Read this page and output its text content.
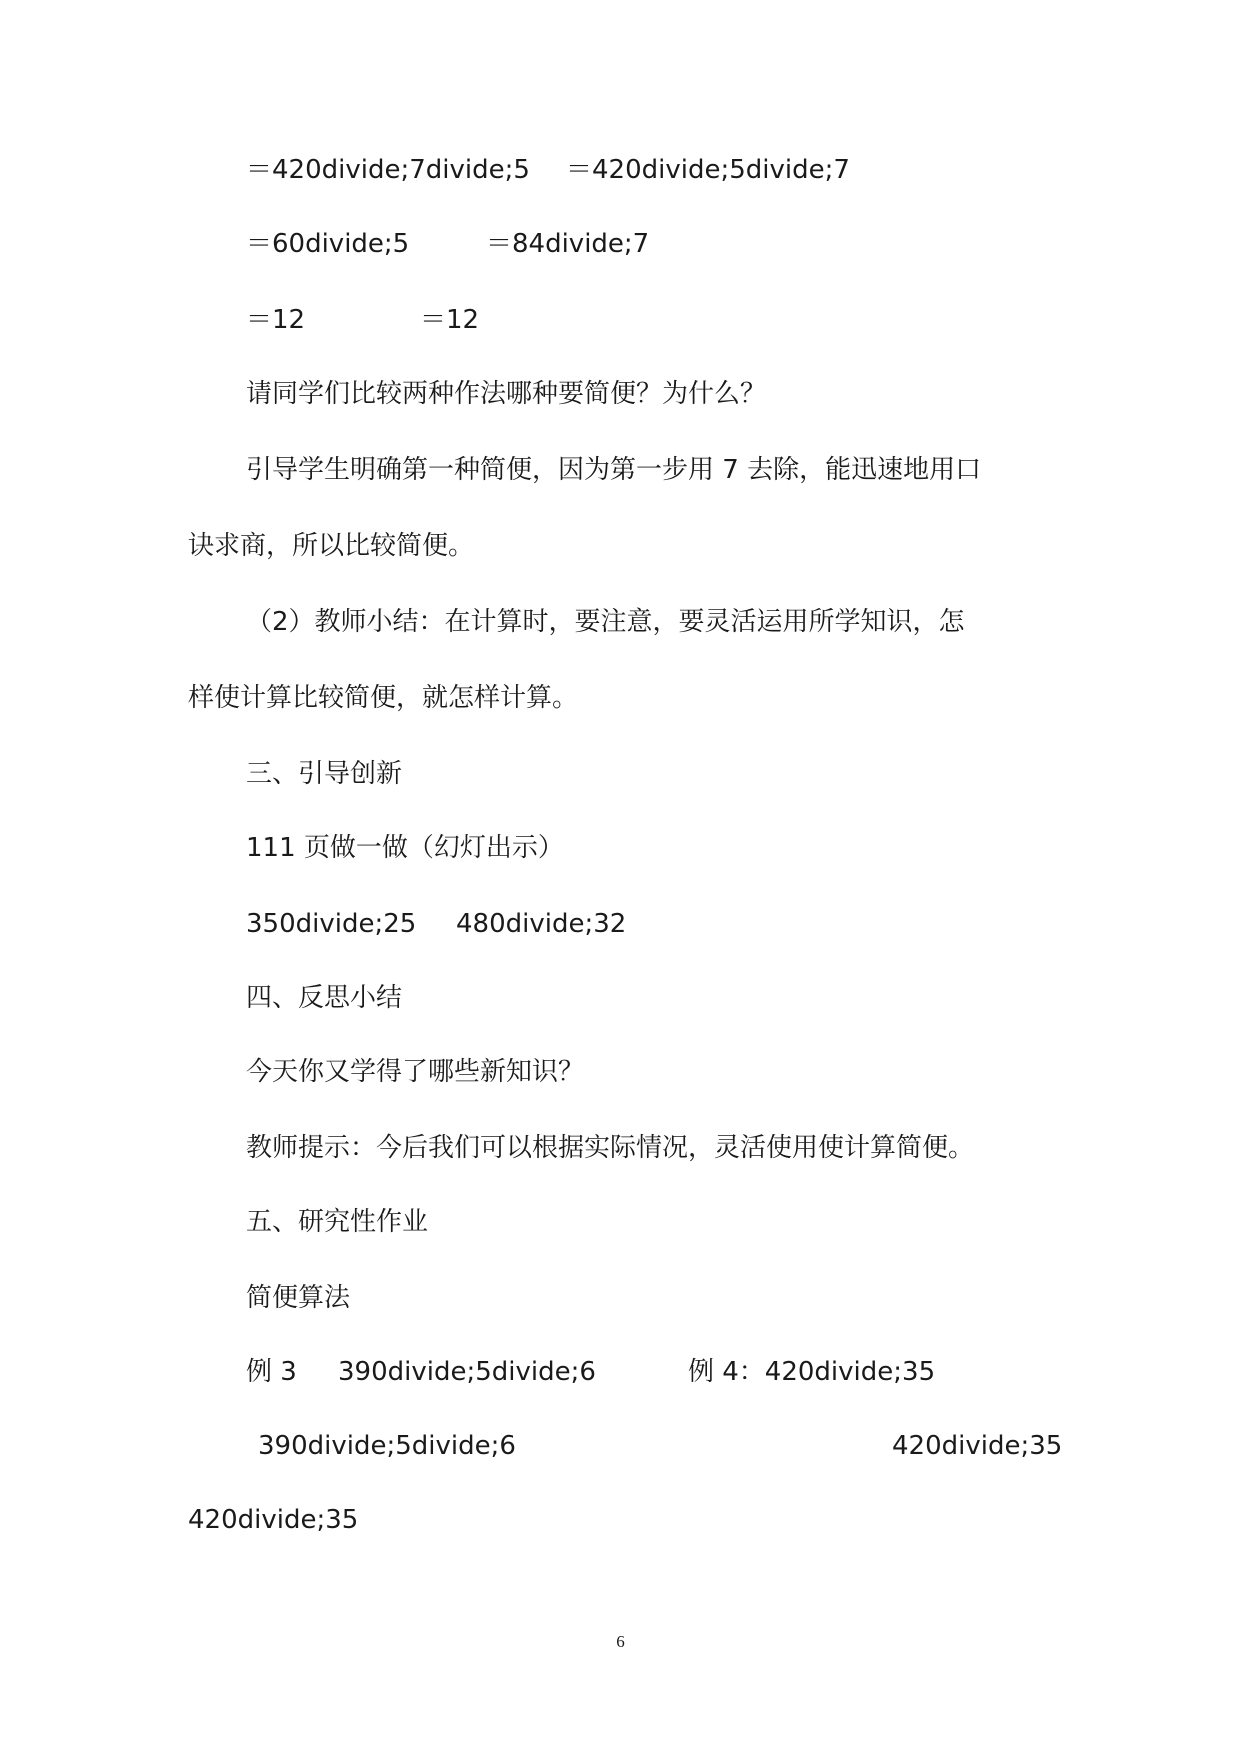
＝420divide;7divide;5 ＝420divide;5divide;7
＝60divide;5	＝84divide;7
＝12	＝12
请同学们比较两种作法哪种要简便？为什么？
引导学生明确第一种简便，因为第一步用 7 去除，能迅速地用口
诀求商，所以比较简便。
（2）教师小结：在计算时，要注意，要灵活运用所学知识，怎
样使计算比较简便，就怎样计算。
三、引导创新
111 页做一做（幻灯出示）
350divide;25 480divide;32
四、反思小结
今天你又学得了哪些新知识？
教师提示：今后我们可以根据实际情况，灵活使用使计算简便。
五、研究性作业
简便算法
例 3 390divide;5divide;6	例 4：420divide;35
390divide;5divide;6	420divide;35
420divide;35
6
